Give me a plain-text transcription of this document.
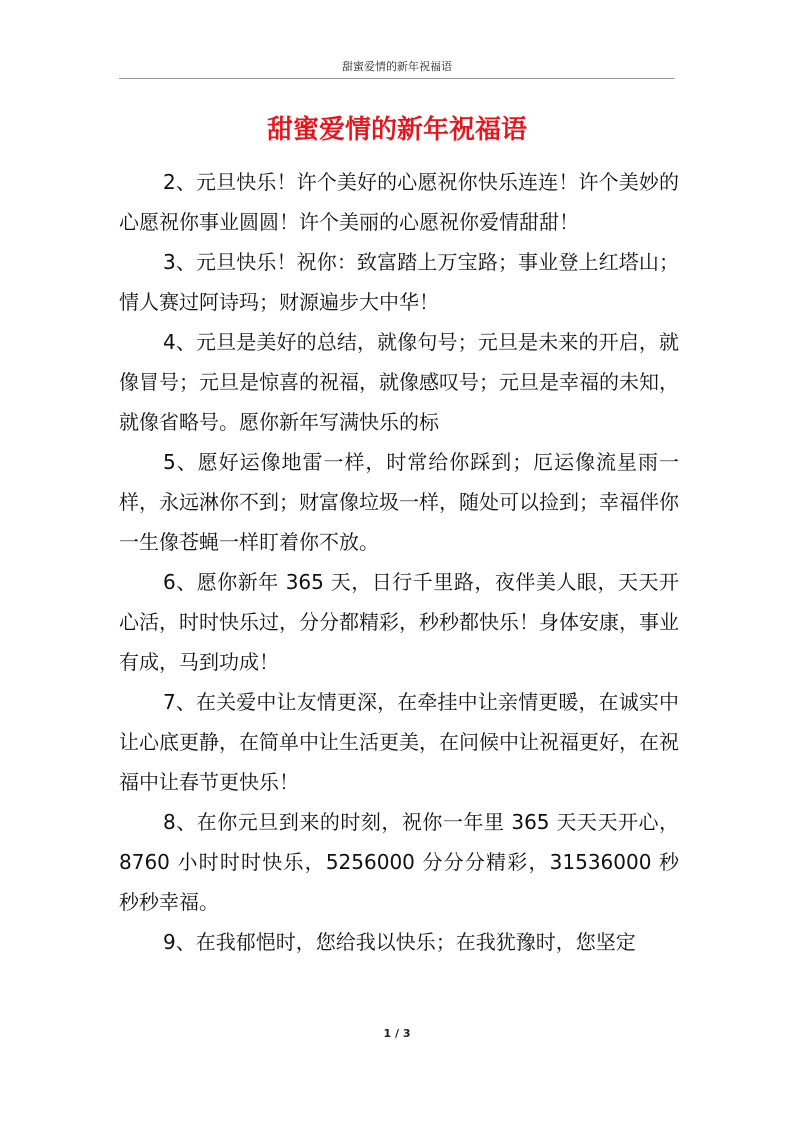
甜蜜爱情的新年祝福语
甜蜜爱情的新年祝福语

2、元旦快乐！许个美好的心愿祝你快乐连连！许个美妙的心愿祝你事业圆圆！许个美丽的心愿祝你爱情甜甜！

3、元旦快乐！祝你：致富踏上万宝路；事业登上红塔山；情人赛过阿诗玛；财源遍步大中华！

4、元旦是美好的总结，就像句号；元旦是未来的开启，就像冒号；元旦是惊喜的祝福，就像感叹号；元旦是幸福的未知，就像省略号。愿你新年写满快乐的标

5、愿好运像地雷一样，时常给你踩到；厄运像流星雨一样，永远淋你不到；财富像垃圾一样，随处可以捡到；幸福伴你一生像苍蝇一样盯着你不放。

6、愿你新年 365 天，日行千里路，夜伴美人眼，天天开心活，时时快乐过，分分都精彩，秒秒都快乐！身体安康，事业有成，马到功成！

7、在关爱中让友情更深，在牵挂中让亲情更暖，在诚实中让心底更静，在简单中让生活更美，在问候中让祝福更好，在祝福中让春节更快乐！

8、在你元旦到来的时刻，祝你一年里 365 天天天开心，8760 小时时时快乐，5256000 分分分精彩，31536000 秒秒秒幸福。

9、在我郁悒时，您给我以快乐；在我犹豫时，您坚定

1 / 3
